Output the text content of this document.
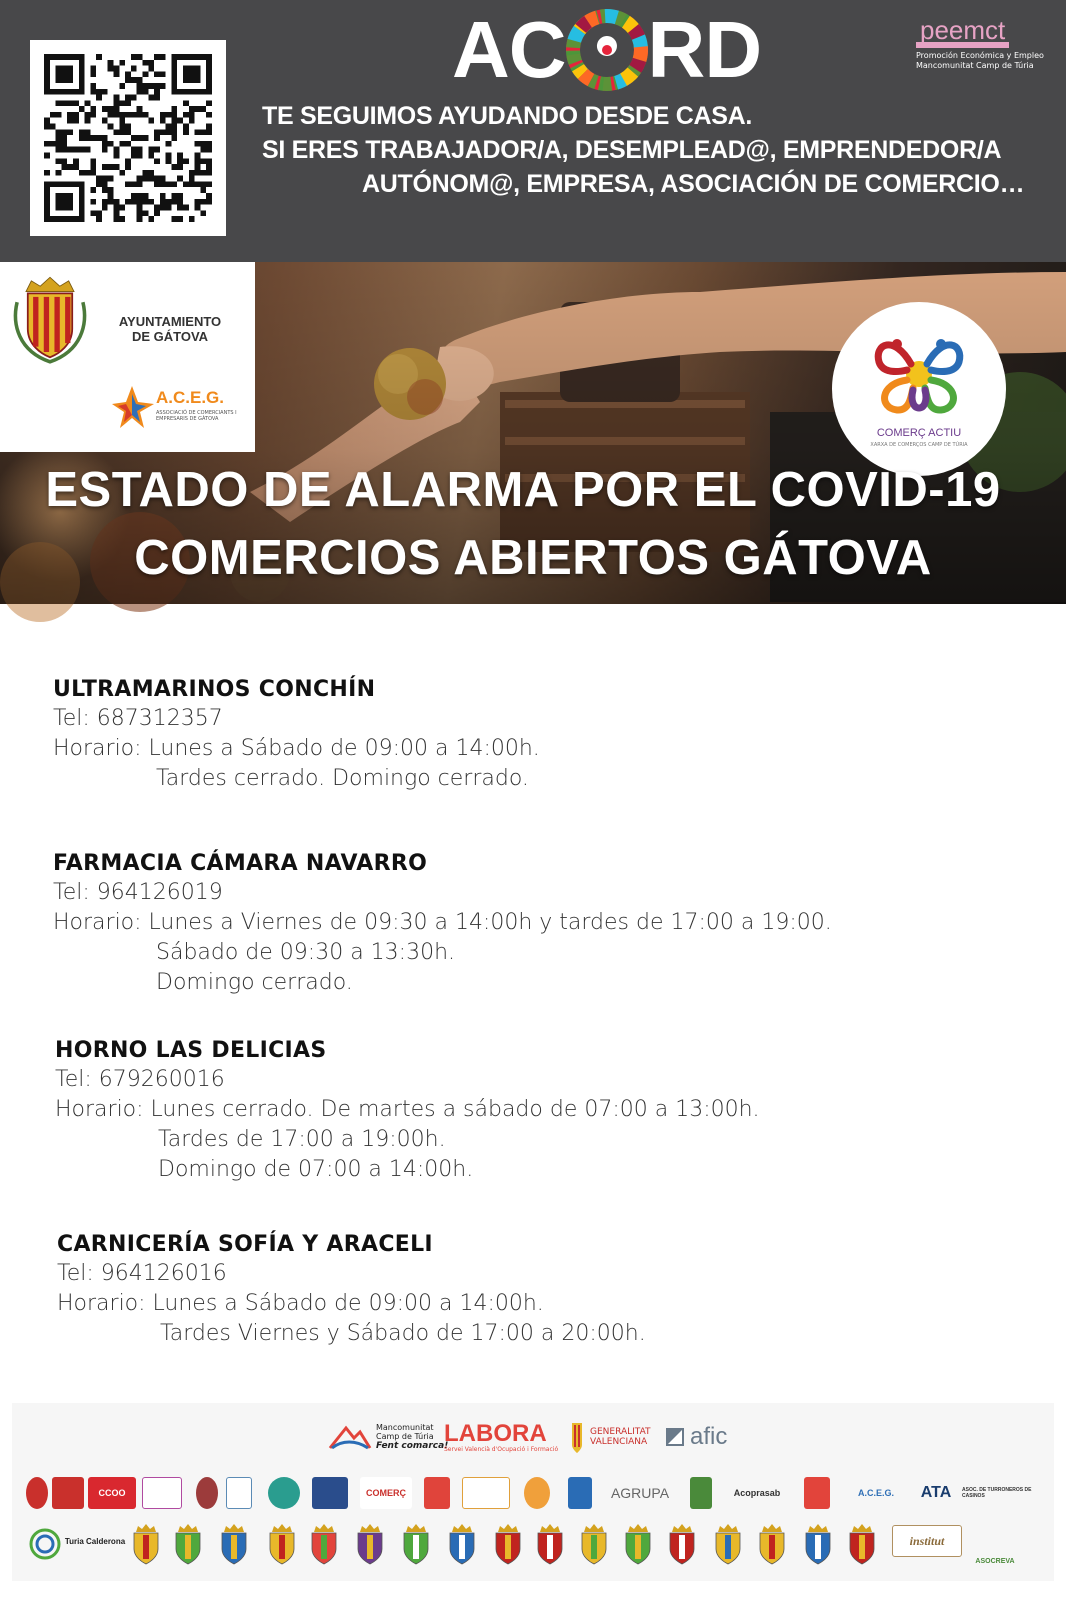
AC RD	peemct
Promoción Económica y Empleo
Mancomunitat Camp de Túria
TE SEGUIMOS AYUDANDO DESDE CASA.
SI ERES TRABAJADOR/A, DESEMPLEAD@, EMPRENDEDOR/A
AUTÓNOM@, EMPRESA, ASOCIACIÓN DE COMERCIO…
AYUNTAMIENTO
DE GÁTOVA
A.C.E.G.
ASSOCIACIÓ DE COMERCIANTS I EMPRESARIS DE GÀTOVA
COMERÇ ACTIU
XARXA DE COMERÇOS CAMP DE TÚRIA
ESTADO DE ALARMA POR EL COVID-19
COMERCIOS ABIERTOS GÁTOVA
ULTRAMARINOS CONCHÍN
Tel: 687312357
Horario: Lunes a Sábado de 09:00 a 14:00h.
Tardes cerrado. Domingo cerrado.
FARMACIA CÁMARA NAVARRO
Tel: 964126019
Horario: Lunes a Viernes de 09:30 a 14:00h y tardes de 17:00 a 19:00.
Sábado de 09:30 a 13:30h.
Domingo cerrado.
HORNO LAS DELICIAS
Tel: 679260016
Horario: Lunes cerrado. De martes a sábado de 07:00 a 13:00h.
Tardes de 17:00 a 19:00h.
Domingo de 07:00 a 14:00h.
CARNICERÍA SOFÍA Y ARACELI
Tel: 964126016
Horario: Lunes a Sábado de 09:00 a 14:00h.
Tardes Viernes y Sábado de 17:00 a 20:00h.
Mancomunitat
Camp de Túria
Fent comarca!
LABORA
Servei Valencià d'Ocupació i Formació
GENERALITAT
VALENCIANA afic
CCOO	COMERÇ	AGRUPA	Acoprasab	A.C.E.G. ATA ASOC. DE TURRONEROS DE CASINOS
Turia Calderona	institut
ASOCREVA
